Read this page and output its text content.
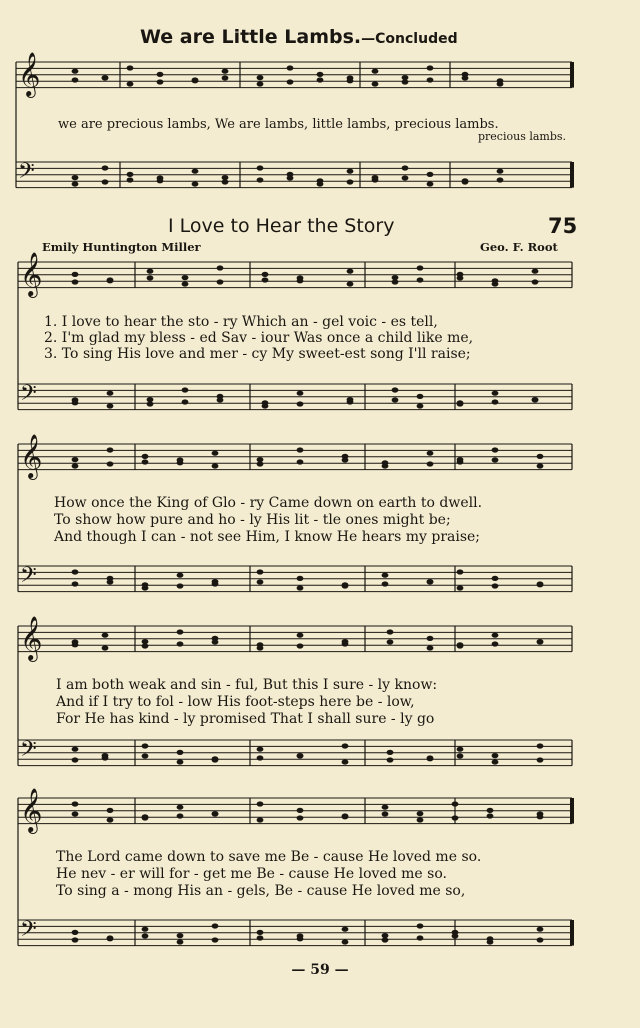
𝄞
𝄢
𝄞
𝄢
𝄞
𝄢
𝄞
𝄢
𝄞
𝄢
We are Little Lambs.—Concluded
we are precious lambs, We are lambs, little lambs, precious lambs.
precious lambs.
I Love to Hear the Story	75
Emily Huntington Miller	Geo. F. Root
1. I love to hear the sto - ry Which an - gel voic - es tell,
2. I'm glad my bless - ed Sav - iour Was once a child like me,
3. To sing His love and mer - cy My sweet-est song I'll raise;
How once the King of Glo - ry Came down on earth to dwell.
To show how pure and ho - ly His lit - tle ones might be;
And though I can - not see Him, I know He hears my praise;
I am both weak and sin - ful, But this I sure - ly know:
And if I try to fol - low His foot-steps here be - low,
For He has kind - ly promised That I shall sure - ly go
The Lord came down to save me Be - cause He loved me so.
He nev - er will for - get me Be - cause He loved me so.
To sing a - mong His an - gels, Be - cause He loved me so,
— 59 —
